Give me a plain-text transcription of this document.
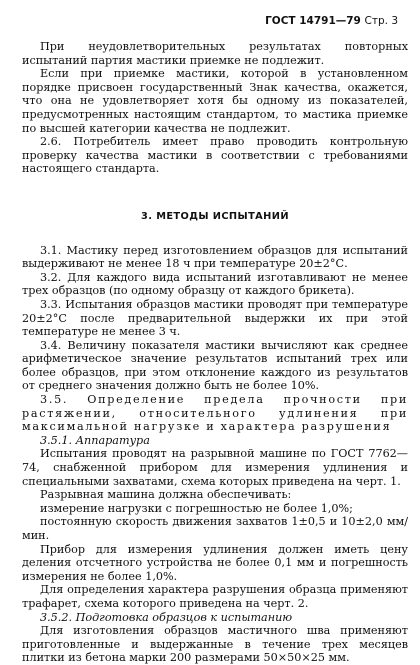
ГОСТ 14791—79 Стр. 3

При неудовлетворительных результатах повторных испытаний партия мастики приемке не подлежит.

Если при приемке мастики, которой в установленном порядке присвоен государственный Знак качества, окажется, что она не удовлетворяет хотя бы одному из показателей, предусмотренных настоящим стандартом, то мастика приемке по высшей категории качества не подлежит.

2.6. Потребитель имеет право проводить контрольную проверку качества мастики в соответствии с требованиями настоящего стандарта.

3. МЕТОДЫ ИСПЫТАНИЙ

3.1. Мастику перед изготовлением образцов для испытаний выдерживают не менее 18 ч при температуре 20±2°С.

3.2. Для каждого вида испытаний изготавливают не менее трех образцов (по одному образцу от каждого брикета).

3.3. Испытания образцов мастики проводят при температуре 20±2°С после предварительной выдержки их при этой температуре не менее 3 ч.

3.4. Величину показателя мастики вычисляют как среднее арифметическое значение результатов испытаний трех или более образцов, при этом отклонение каждого из результатов от среднего значения должно быть не более 10%.

3.5. Определение предела прочности при растяжении, относительного удлинения при максимальной нагрузке и характера разрушения

3.5.1. Аппаратура

Испытания проводят на разрывной машине по ГОСТ 7762—74, снабженной прибором для измерения удлинения и специальными захватами, схема которых приведена на черт. 1.

Разрывная машина должна обеспечивать:

измерение нагрузки с погрешностью не более 1,0%;

постоянную скорость движения захватов 1±0,5 и 10±2,0 мм/мин.

Прибор для измерения удлинения должен иметь цену деления отсчетного устройства не более 0,1 мм и погрешность измерения не более 1,0%.

Для определения характера разрушения образца применяют трафарет, схема которого приведена на черт. 2.

3.5.2. Подготовка образцов к испытанию

Для изготовления образцов мастичного шва применяют приготовленные и выдержанные в течение трех месяцев плитки из бетона марки 200 размерами 50×50×25 мм.
